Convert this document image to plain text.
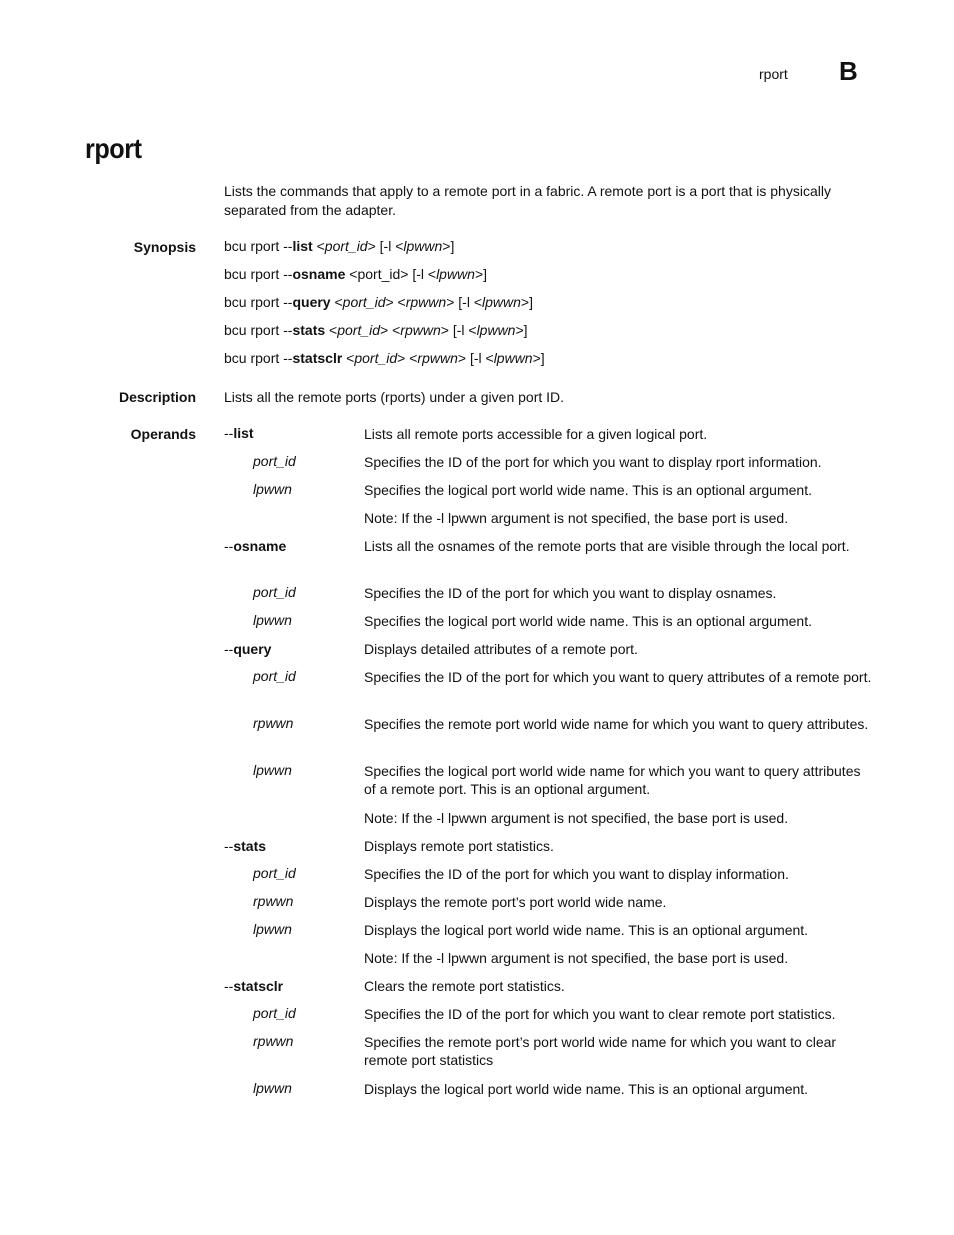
rport B
rport

Lists the commands that apply to a remote port in a fabric. A remote port is a port that is physically separated from the adapter.

Synopsis bcu rport --list <port_id> [-l <lpwwn>]
bcu rport --osname <port_id> [-l <lpwwn>]
bcu rport --query <port_id> <rpwwn> [-l <lpwwn>]
bcu rport --stats <port_id> <rpwwn> [-l <lpwwn>]
bcu rport --statsclr <port_id> <rpwwn> [-l <lpwwn>]
Description Lists all the remote ports (rports) under a given port ID.
Operands --list	Lists all remote ports accessible for a given logical port.
port_id	Specifies the ID of the port for which you want to display rport information.
lpwwn	Specifies the logical port world wide name. This is an optional argument.
Note: If the -l lpwwn argument is not specified, the base port is used.
--osname	Lists all the osnames of the remote ports that are visible through the local port.
port_id	Specifies the ID of the port for which you want to display osnames.
lpwwn	Specifies the logical port world wide name. This is an optional argument.
--query	Displays detailed attributes of a remote port.
port_id	Specifies the ID of the port for which you want to query attributes of a remote port.
rpwwn	Specifies the remote port world wide name for which you want to query attributes.
lpwwn	Specifies the logical port world wide name for which you want to query attributes of a remote port. This is an optional argument.
Note: If the -l lpwwn argument is not specified, the base port is used.
--stats	Displays remote port statistics.
port_id	Specifies the ID of the port for which you want to display information.
rpwwn	Displays the remote port’s port world wide name.
lpwwn	Displays the logical port world wide name. This is an optional argument.
Note: If the -l lpwwn argument is not specified, the base port is used.
--statsclr	Clears the remote port statistics.
port_id	Specifies the ID of the port for which you want to clear remote port statistics.
rpwwn	Specifies the remote port’s port world wide name for which you want to clear remote port statistics
lpwwn	Displays the logical port world wide name. This is an optional argument.
